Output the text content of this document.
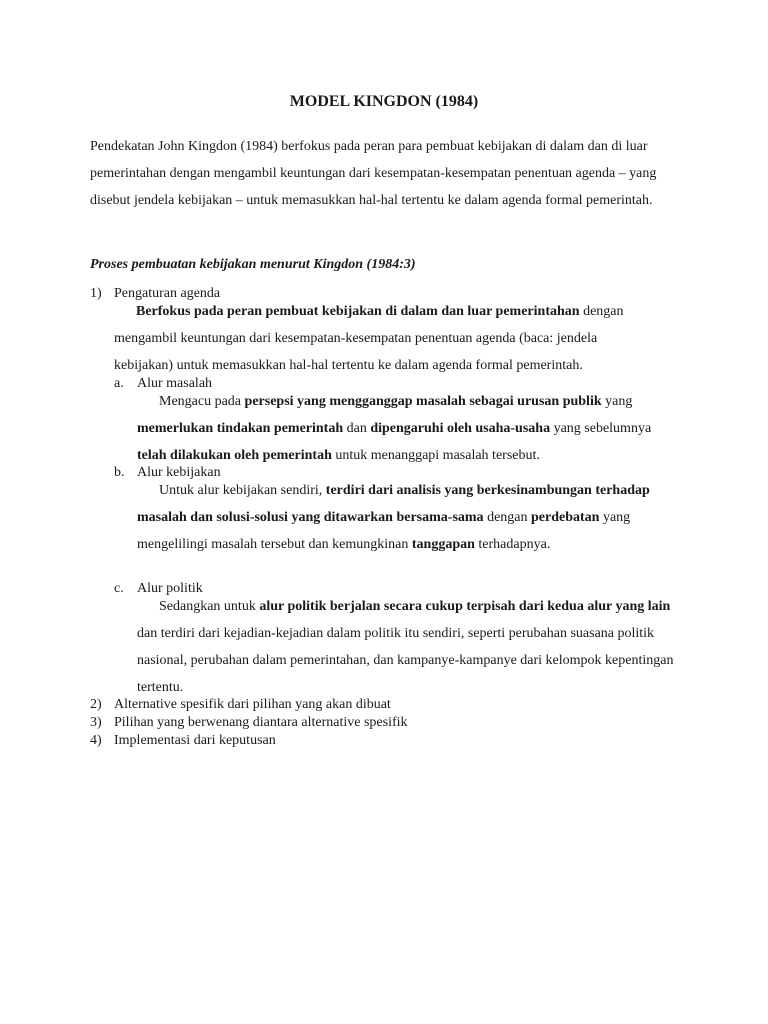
MODEL KINGDON (1984)

Pendekatan John Kingdon (1984) berfokus pada peran para pembuat kebijakan di dalam dan di luar pemerintahan dengan mengambil keuntungan dari kesempatan-kesempatan penentuan agenda – yang disebut jendela kebijakan – untuk memasukkan hal-hal tertentu ke dalam agenda formal pemerintah.

Proses pembuatan kebijakan menurut Kingdon (1984:3)
1) Pengaturan agenda

Berfokus pada peran pembuat kebijakan di dalam dan luar pemerintahan dengan mengambil keuntungan dari kesempatan-kesempatan penentuan agenda (baca: jendela kebijakan) untuk memasukkan hal-hal tertentu ke dalam agenda formal pemerintah.

a. Alur masalah

Mengacu pada persepsi yang mengganggap masalah sebagai urusan publik yang memerlukan tindakan pemerintah dan dipengaruhi oleh usaha-usaha yang sebelumnya telah dilakukan oleh pemerintah untuk menanggapi masalah tersebut.

b. Alur kebijakan

Untuk alur kebijakan sendiri, terdiri dari analisis yang berkesinambungan terhadap masalah dan solusi-solusi yang ditawarkan bersama-sama dengan perdebatan yang mengelilingi masalah tersebut dan kemungkinan tanggapan terhadapnya.

c. Alur politik

Sedangkan untuk alur politik berjalan secara cukup terpisah dari kedua alur yang lain dan terdiri dari kejadian-kejadian dalam politik itu sendiri, seperti perubahan suasana politik nasional, perubahan dalam pemerintahan, dan kampanye-kampanye dari kelompok kepentingan tertentu.

2) Alternative spesifik dari pilihan yang akan dibuat
3) Pilihan yang berwenang diantara alternative spesifik
4) Implementasi dari keputusan
